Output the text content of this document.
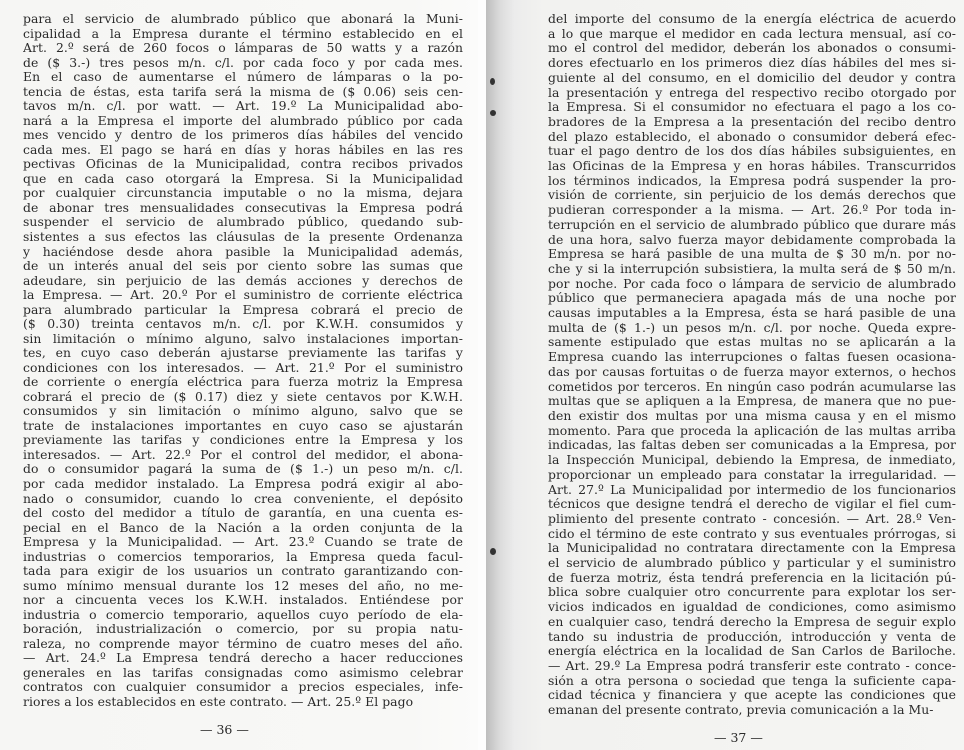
para el servicio de alumbrado público que abonará la Muni-
cipalidad a la Empresa durante el término establecido en el
Art. 2.º será de 260 focos o lámparas de 50 watts y a razón
de ($ 3.-) tres pesos m/n. c/l. por cada foco y por cada mes.
En el caso de aumentarse el número de lámparas o la po-
tencia de éstas, esta tarifa será la misma de ($ 0.06) seis cen-
tavos m/n. c/l. por watt. — Art. 19.º La Municipalidad abo-
nará a la Empresa el importe del alumbrado público por cada
mes vencido y dentro de los primeros días hábiles del vencido
cada mes. El pago se hará en días y horas hábiles en las res
pectivas Oficinas de la Municipalidad, contra recibos privados
que en cada caso otorgará la Empresa. Si la Municipalidad
por cualquier circunstancia imputable o no la misma, dejara
de abonar tres mensualidades consecutivas la Empresa podrá
suspender el servicio de alumbrado público, quedando sub-
sistentes a sus efectos las cláusulas de la presente Ordenanza
y haciéndose desde ahora pasible la Municipalidad además,
de un interés anual del seis por ciento sobre las sumas que
adeudare, sin perjuicio de las demás acciones y derechos de
la Empresa. — Art. 20.º Por el suministro de corriente eléctrica
para alumbrado particular la Empresa cobrará el precio de
($ 0.30) treinta centavos m/n. c/l. por K.W.H. consumidos y
sin limitación o mínimo alguno, salvo instalaciones importan-
tes, en cuyo caso deberán ajustarse previamente las tarifas y
condiciones con los interesados. — Art. 21.º Por el suministro
de corriente o energía eléctrica para fuerza motriz la Empresa
cobrará el precio de ($ 0.17) diez y siete centavos por K.W.H.
consumidos y sin limitación o mínimo alguno, salvo que se
trate de instalaciones importantes en cuyo caso se ajustarán
previamente las tarifas y condiciones entre la Empresa y los
interesados. — Art. 22.º Por el control del medidor, el abona-
do o consumidor pagará la suma de ($ 1.-) un peso m/n. c/l.
por cada medidor instalado. La Empresa podrá exigir al abo-
nado o consumidor, cuando lo crea conveniente, el depósito
del costo del medidor a título de garantía, en una cuenta es-
pecial en el Banco de la Nación a la orden conjunta de la
Empresa y la Municipalidad. — Art. 23.º Cuando se trate de
industrias o comercios temporarios, la Empresa queda facul-
tada para exigir de los usuarios un contrato garantizando con-
sumo mínimo mensual durante los 12 meses del año, no me-
nor a cincuenta veces los K.W.H. instalados. Entiéndese por
industria o comercio temporario, aquellos cuyo período de ela-
boración, industrialización o comercio, por su propia natu-
raleza, no comprende mayor término de cuatro meses del año.
— Art. 24.º La Empresa tendrá derecho a hacer reducciones
generales en las tarifas consignadas como asimismo celebrar
contratos con cualquier consumidor a precios especiales, infe-
riores a los establecidos en este contrato. — Art. 25.º El pago
— 36 —
del importe del consumo de la energía eléctrica de acuerdo
a lo que marque el medidor en cada lectura mensual, así co-
mo el control del medidor, deberán los abonados o consumi-
dores efectuarlo en los primeros diez días hábiles del mes si-
guiente al del consumo, en el domicilio del deudor y contra
la presentación y entrega del respectivo recibo otorgado por
la Empresa. Si el consumidor no efectuara el pago a los co-
bradores de la Empresa a la presentación del recibo dentro
del plazo establecido, el abonado o consumidor deberá efec-
tuar el pago dentro de los dos días hábiles subsiguientes, en
las Oficinas de la Empresa y en horas hábiles. Transcurridos
los términos indicados, la Empresa podrá suspender la pro-
visión de corriente, sin perjuicio de los demás derechos que
pudieran corresponder a la misma. — Art. 26.º Por toda in-
terrupción en el servicio de alumbrado público que durare más
de una hora, salvo fuerza mayor debidamente comprobada la
Empresa se hará pasible de una multa de $ 30 m/n. por no-
che y si la interrupción subsistiera, la multa será de $ 50 m/n.
por noche. Por cada foco o lámpara de servicio de alumbrado
público que permaneciera apagada más de una noche por
causas imputables a la Empresa, ésta se hará pasible de una
multa de ($ 1.-) un pesos m/n. c/l. por noche. Queda expre-
samente estipulado que estas multas no se aplicarán a la
Empresa cuando las interrupciones o faltas fuesen ocasiona-
das por causas fortuitas o de fuerza mayor externos, o hechos
cometidos por terceros. En ningún caso podrán acumularse las
multas que se apliquen a la Empresa, de manera que no pue-
den existir dos multas por una misma causa y en el mismo
momento. Para que proceda la aplicación de las multas arriba
indicadas, las faltas deben ser comunicadas a la Empresa, por
la Inspección Municipal, debiendo la Empresa, de inmediato,
proporcionar un empleado para constatar la irregularidad. —
Art. 27.º La Municipalidad por intermedio de los funcionarios
técnicos que designe tendrá el derecho de vigilar el fiel cum-
plimiento del presente contrato - concesión. — Art. 28.º Ven-
cido el término de este contrato y sus eventuales prórrogas, si
la Municipalidad no contratara directamente con la Empresa
el servicio de alumbrado público y particular y el suministro
de fuerza motriz, ésta tendrá preferencia en la licitación pú-
blica sobre cualquier otro concurrente para explotar los ser-
vicios indicados en igualdad de condiciones, como asimismo
en cualquier caso, tendrá derecho la Empresa de seguir explo
tando su industria de producción, introducción y venta de
energía eléctrica en la localidad de San Carlos de Bariloche.
— Art. 29.º La Empresa podrá transferir este contrato - conce-
sión a otra persona o sociedad que tenga la suficiente capa-
cidad técnica y financiera y que acepte las condiciones que
emanan del presente contrato, previa comunicación a la Mu-
— 37 —
